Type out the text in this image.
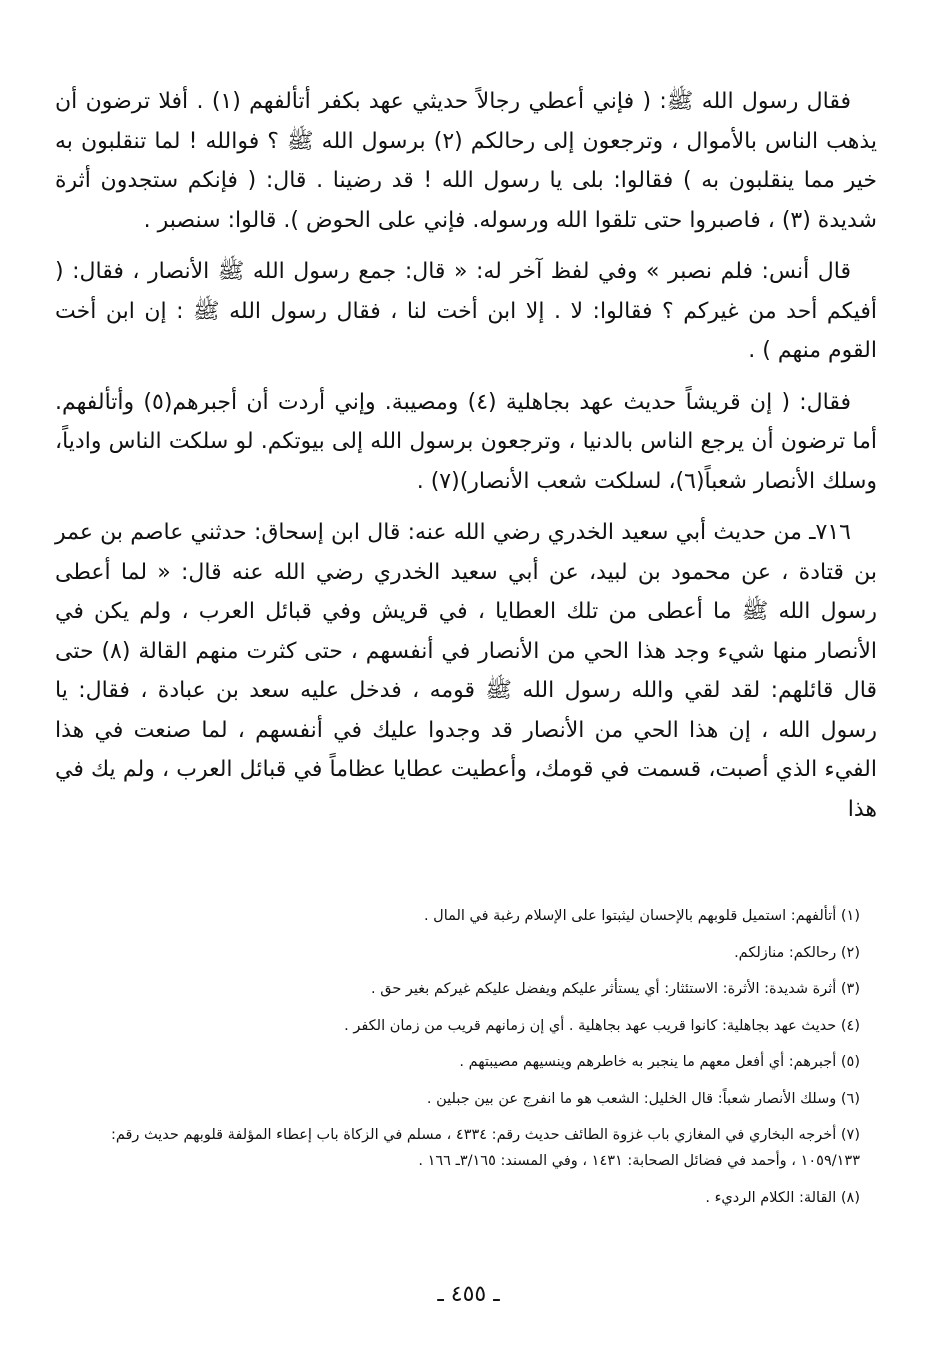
فقال رسول الله ﷺ: ( فإني أعطي رجالاً حديثي عهد بكفر أتألفهم (١) . أفلا ترضون أن يذهب الناس بالأموال ، وترجعون إلى رحالكم (٢) برسول الله ﷺ ؟ فوالله ! لما تنقلبون به خير مما ينقلبون به ) فقالوا: بلى يا رسول الله ! قد رضينا . قال: ( فإنكم ستجدون أثرة شديدة (٣) ، فاصبروا حتى تلقوا الله ورسوله. فإني على الحوض ). قالوا: سنصبر .

قال أنس: فلم نصبر » وفي لفظ آخر له: « قال: جمع رسول الله ﷺ الأنصار ، فقال: ( أفيكم أحد من غيركم ؟ فقالوا: لا . إلا ابن أخت لنا ، فقال رسول الله ﷺ : إن ابن أخت القوم منهم ) .

فقال: ( إن قريشاً حديث عهد بجاهلية (٤) ومصيبة. وإني أردت أن أجبرهم(٥) وأتألفهم. أما ترضون أن يرجع الناس بالدنيا ، وترجعون برسول الله إلى بيوتكم. لو سلكت الناس وادياً، وسلك الأنصار شعباً(٦)، لسلكت شعب الأنصار)(٧) .

٧١٦ـ من حديث أبي سعيد الخدري رضي الله عنه: قال ابن إسحاق: حدثني عاصم بن عمر بن قتادة ، عن محمود بن لبيد، عن أبي سعيد الخدري رضي الله عنه قال: « لما أعطى رسول الله ﷺ ما أعطى من تلك العطايا ، في قريش وفي قبائل العرب ، ولم يكن في الأنصار منها شيء وجد هذا الحي من الأنصار في أنفسهم ، حتى كثرت منهم القالة (٨) حتى قال قائلهم: لقد لقي والله رسول الله ﷺ قومه ، فدخل عليه سعد بن عبادة ، فقال: يا رسول الله ، إن هذا الحي من الأنصار قد وجدوا عليك في أنفسهم ، لما صنعت في هذا الفيء الذي أصبت، قسمت في قومك، وأعطيت عطايا عظاماً في قبائل العرب ، ولم يك في هذا

(١) أتألفهم: استميل قلوبهم بالإحسان ليثبتوا على الإسلام رغبة في المال .

(٢) رحالكم: منازلكم.

(٣) أثرة شديدة: الأثرة: الاستئثار: أي يستأثر عليكم ويفضل عليكم غيركم بغير حق .

(٤) حديث عهد بجاهلية: كانوا قريب عهد بجاهلية . أي إن زمانهم قريب من زمان الكفر .

(٥) أجبرهم: أي أفعل معهم ما ينجبر به خاطرهم وينسيهم مصيبتهم .

(٦) وسلك الأنصار شعباً: قال الخليل: الشعب هو ما انفرج عن بين جبلين .

(٧) أخرجه البخاري في المغازي باب غزوة الطائف حديث رقم: ٤٣٣٤ ، مسلم في الزكاة باب إعطاء المؤلفة قلوبهم حديث رقم: ١٠٥٩/١٣٣ ، وأحمد في فضائل الصحابة: ١٤٣١ ، وفي المسند: ٣/١٦٥ـ ١٦٦ .

(٨) القالة: الكلام الرديء .

ـ ٤٥٥ ـ
